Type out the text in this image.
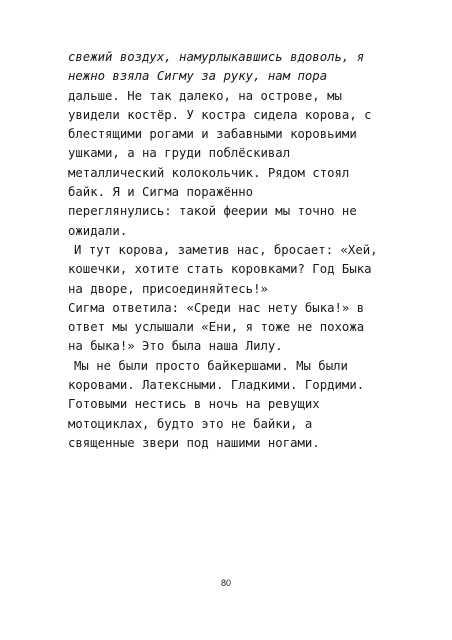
свежий воздух, намурлыкавшись вдоволь, я
нежно взяла Сигму за руку, нам пора
дальше. Не так далеко, на острове, мы
увидели костёр. У костра сидела корова, с
блестящими рогами и забавными коровьими
ушками, а на груди поблёскивал
металлический колокольчик. Рядом стоял
байк. Я и Сигма поражённо
переглянулись: такой феерии мы точно не
ожидали.
И тут корова, заметив нас, бросает: «Хей,
кошечки, хотите стать коровками? Год Быка
на дворе, присоединяйтесь!»
Сигма ответила: «Среди нас нету быка!» в
ответ мы услышали «Ени, я тоже не похожа
на быка!» Это была наша Лилу.
Мы не были просто байкершами. Мы были
коровами. Латексными. Гладкими. Гордими.
Готовыми нестись в ночь на ревущих
мотоциклах, будто это не байки, а
священные звери под нашими ногами.
80
